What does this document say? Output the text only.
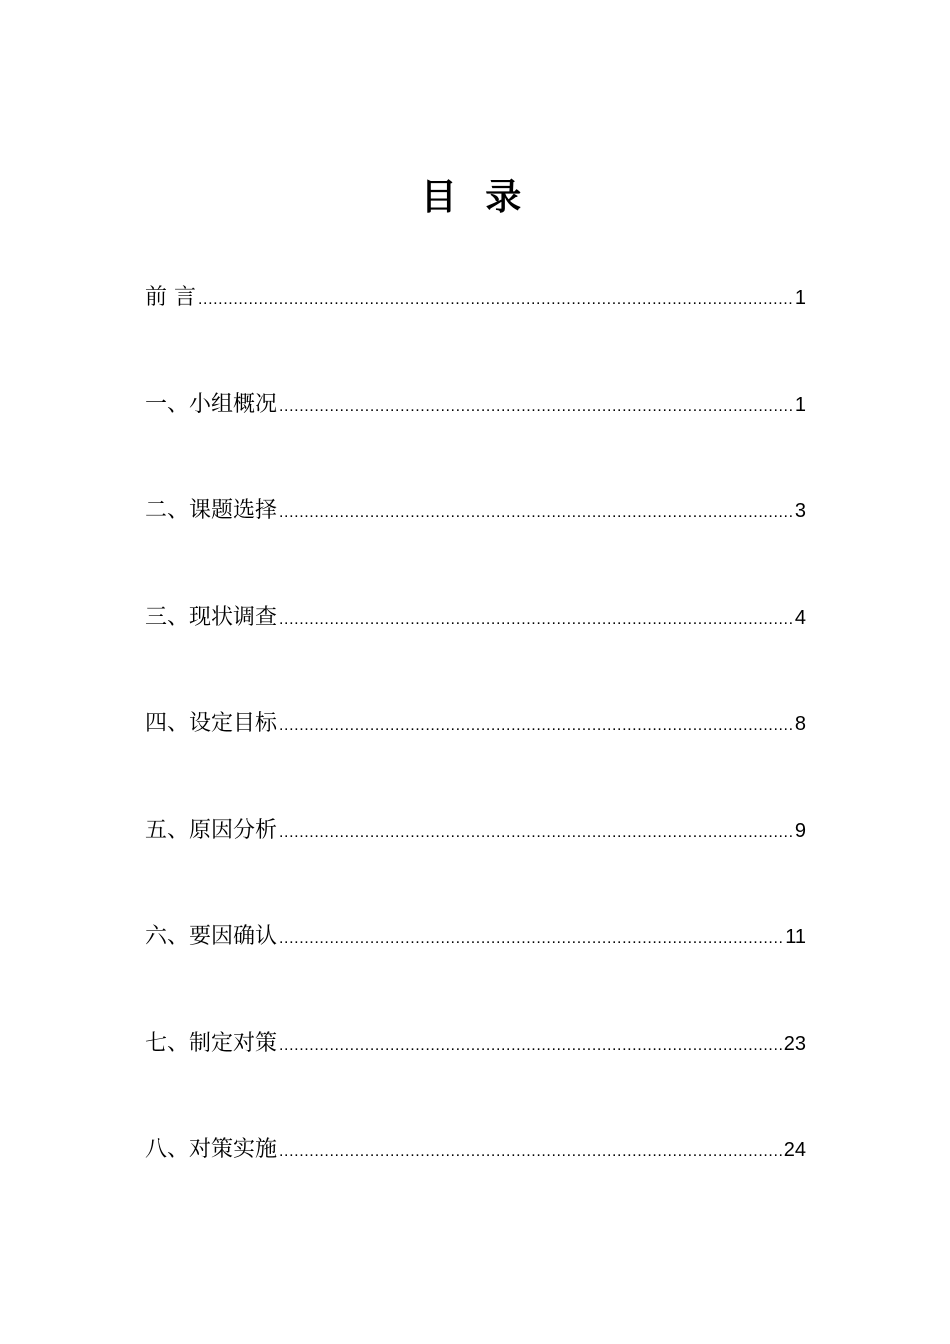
目 录
前 言 .....	1
一、小组概况 .....	1
二、课题选择 .....	3
三、现状调查 .....	4
四、设定目标 .....	8
五、原因分析 .....	9
六、要因确认 .....	11
七、制定对策 .....	23
八、对策实施 .....	24
